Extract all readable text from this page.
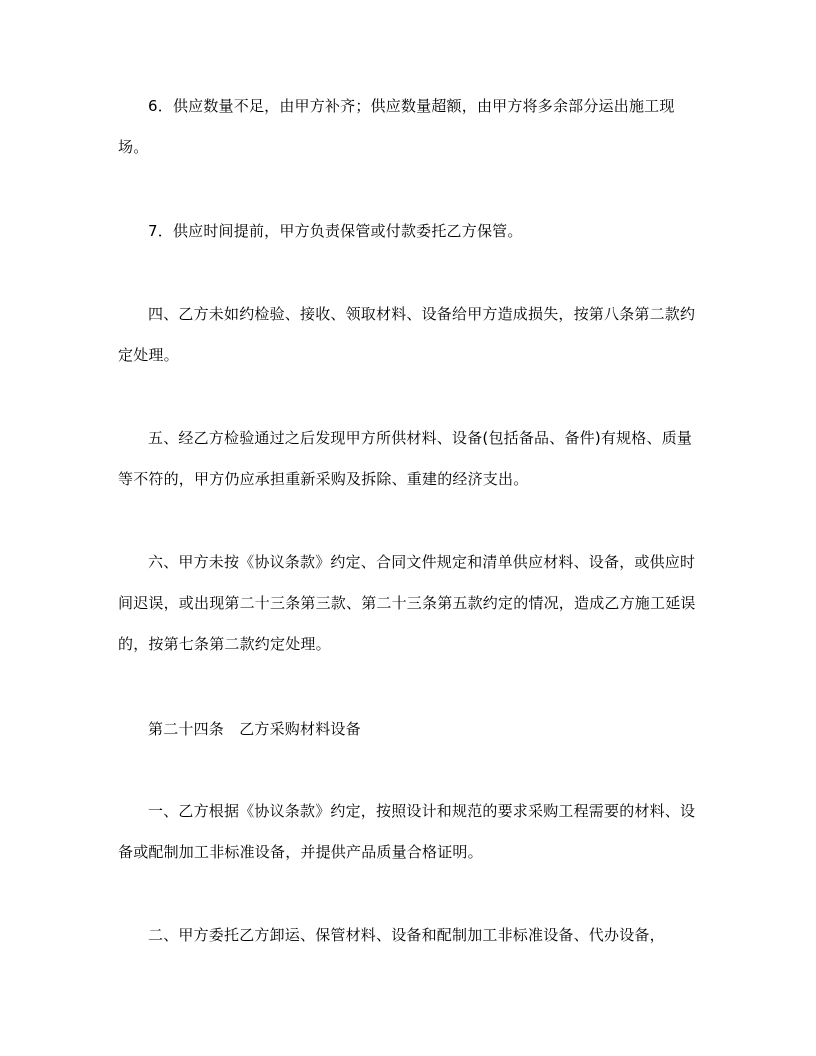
6．供应数量不足，由甲方补齐；供应数量超额，由甲方将多余部分运出施工现场。

7．供应时间提前，甲方负责保管或付款委托乙方保管。

四、乙方未如约检验、接收、领取材料、设备给甲方造成损失，按第八条第二款约定处理。

五、经乙方检验通过之后发现甲方所供材料、设备(包括备品、备件)有规格、质量等不符的，甲方仍应承担重新采购及拆除、重建的经济支出。

六、甲方未按《协议条款》约定、合同文件规定和清单供应材料、设备，或供应时间迟误，或出现第二十三条第三款、第二十三条第五款约定的情况，造成乙方施工延误的，按第七条第二款约定处理。

第二十四条　乙方采购材料设备

一、乙方根据《协议条款》约定，按照设计和规范的要求采购工程需要的材料、设备或配制加工非标准设备，并提供产品质量合格证明。

二、甲方委托乙方卸运、保管材料、设备和配制加工非标准设备、代办设备，
